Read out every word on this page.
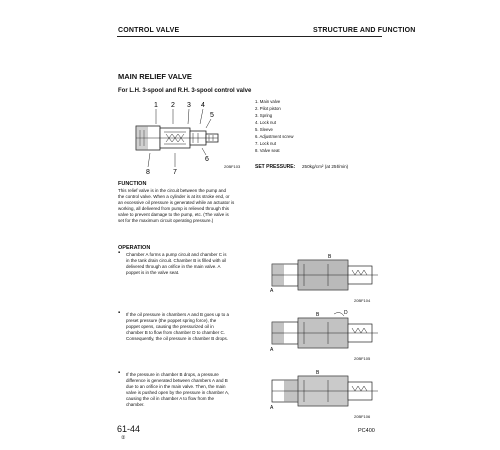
CONTROL VALVE	STRUCTURE AND FUNCTION
MAIN RELIEF VALVE
For L.H. 3-spool and R.H. 3-spool control valve
1 2 3 4
5
6
8	7
20BF103
1. Main valve
2. Pilot piston
3. Spring
4. Lock nut
5. Sleeve
6. Adjustment screw
7. Lock nut
8. Valve seat
SET PRESSURE: 250kg/cm² (at 25ℓ/min)
FUNCTION
This relief valve is in the circuit between the pump and
the control valve. When a cylinder is at its stroke end, or
an excessive oil pressure is generated while an actuator is
working, all delivered from pump is relieved through this
valve to prevent damage to the pump, etc. (The valve is
set for the maximum circuit operating pressure.)
OPERATION
▪ Chamber A forms a pump circuit and chamber C is
in the tank drain circuit. Chamber B is filled with oil
delivered through an orifice in the main valve. A
poppet is in the valve seat.
B
A
20BF104
▪ If the oil pressure in chambers A and B goes up to a
preset pressure (the poppet spring force), the
poppet opens, causing the pressurized oil in
chamber B to flow from chamber D to chamber C.
Consequently, the oil pressure in chamber B drops.
D
B
A
20BF105
▪ If the pressure in chamber B drops, a pressure
difference is generated between chambers A and B
due to an orifice in the main valve. Then, the main
valve is pushed open by the pressure in chamber A,
causing the oil in chamber A to flow from the
chamber.
B
A
20BF106
61-44
②
PC400
